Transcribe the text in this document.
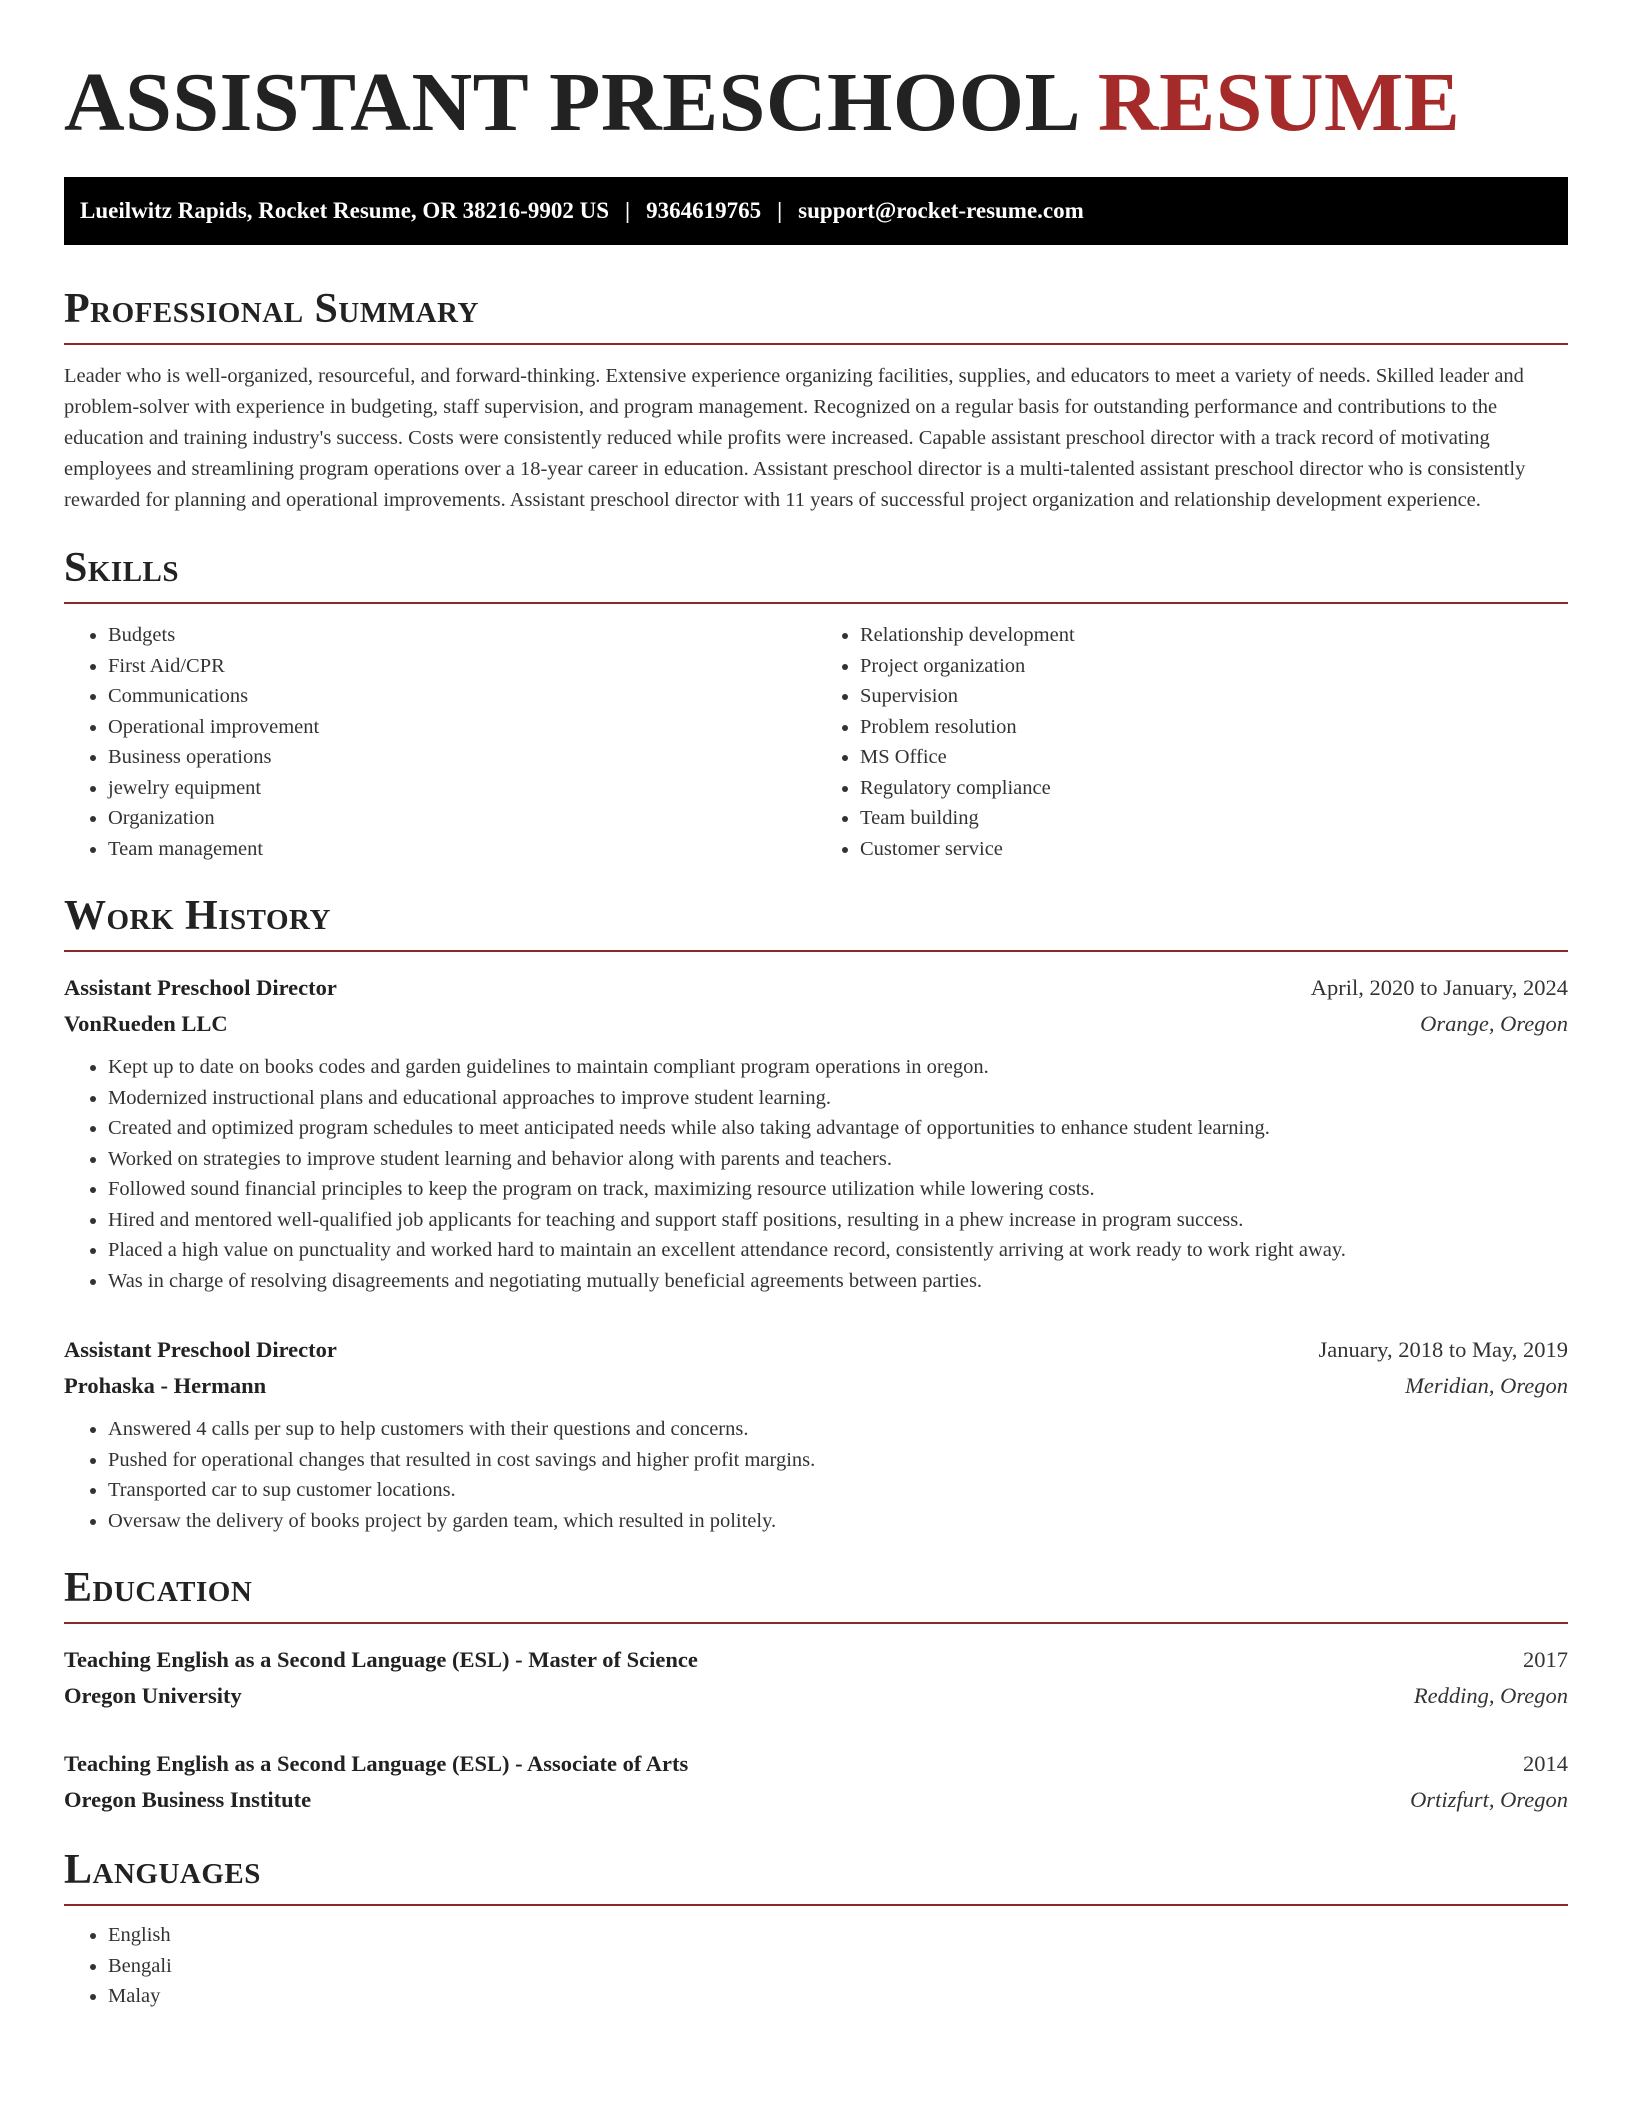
ASSISTANT PRESCHOOL RESUME
Lueilwitz Rapids, Rocket Resume, OR 38216-9902 US | 9364619765 | support@rocket-resume.com
Professional Summary

Leader who is well-organized, resourceful, and forward-thinking. Extensive experience organizing facilities, supplies, and educators to meet a variety of needs. Skilled leader and problem-solver with experience in budgeting, staff supervision, and program management. Recognized on a regular basis for outstanding performance and contributions to the education and training industry's success. Costs were consistently reduced while profits were increased. Capable assistant preschool director with a track record of motivating employees and streamlining program operations over a 18-year career in education. Assistant preschool director is a multi-talented assistant preschool director who is consistently rewarded for planning and operational improvements. Assistant preschool director with 11 years of successful project organization and relationship development experience.

Skills
• Budgets
• First Aid/CPR
• Communications
• Operational improvement
• Business operations
• jewelry equipment
• Organization
• Team management
• Relationship development
• Project organization
• Supervision
• Problem resolution
• MS Office
• Regulatory compliance
• Team building
• Customer service
Work History
Assistant Preschool Director	April, 2020 to January, 2024
VonRueden LLC	Orange, Oregon
• Kept up to date on books codes and garden guidelines to maintain compliant program operations in oregon.
• Modernized instructional plans and educational approaches to improve student learning.
• Created and optimized program schedules to meet anticipated needs while also taking advantage of opportunities to enhance student learning.
• Worked on strategies to improve student learning and behavior along with parents and teachers.
• Followed sound financial principles to keep the program on track, maximizing resource utilization while lowering costs.
• Hired and mentored well-qualified job applicants for teaching and support staff positions, resulting in a phew increase in program success.
• Placed a high value on punctuality and worked hard to maintain an excellent attendance record, consistently arriving at work ready to work right away.
• Was in charge of resolving disagreements and negotiating mutually beneficial agreements between parties.
Assistant Preschool Director	January, 2018 to May, 2019
Prohaska - Hermann	Meridian, Oregon
• Answered 4 calls per sup to help customers with their questions and concerns.
• Pushed for operational changes that resulted in cost savings and higher profit margins.
• Transported car to sup customer locations.
• Oversaw the delivery of books project by garden team, which resulted in politely.
Education
Teaching English as a Second Language (ESL) - Master of Science	2017
Oregon University	Redding, Oregon
Teaching English as a Second Language (ESL) - Associate of Arts	2014
Oregon Business Institute	Ortizfurt, Oregon
Languages
• English
• Bengali
• Malay
